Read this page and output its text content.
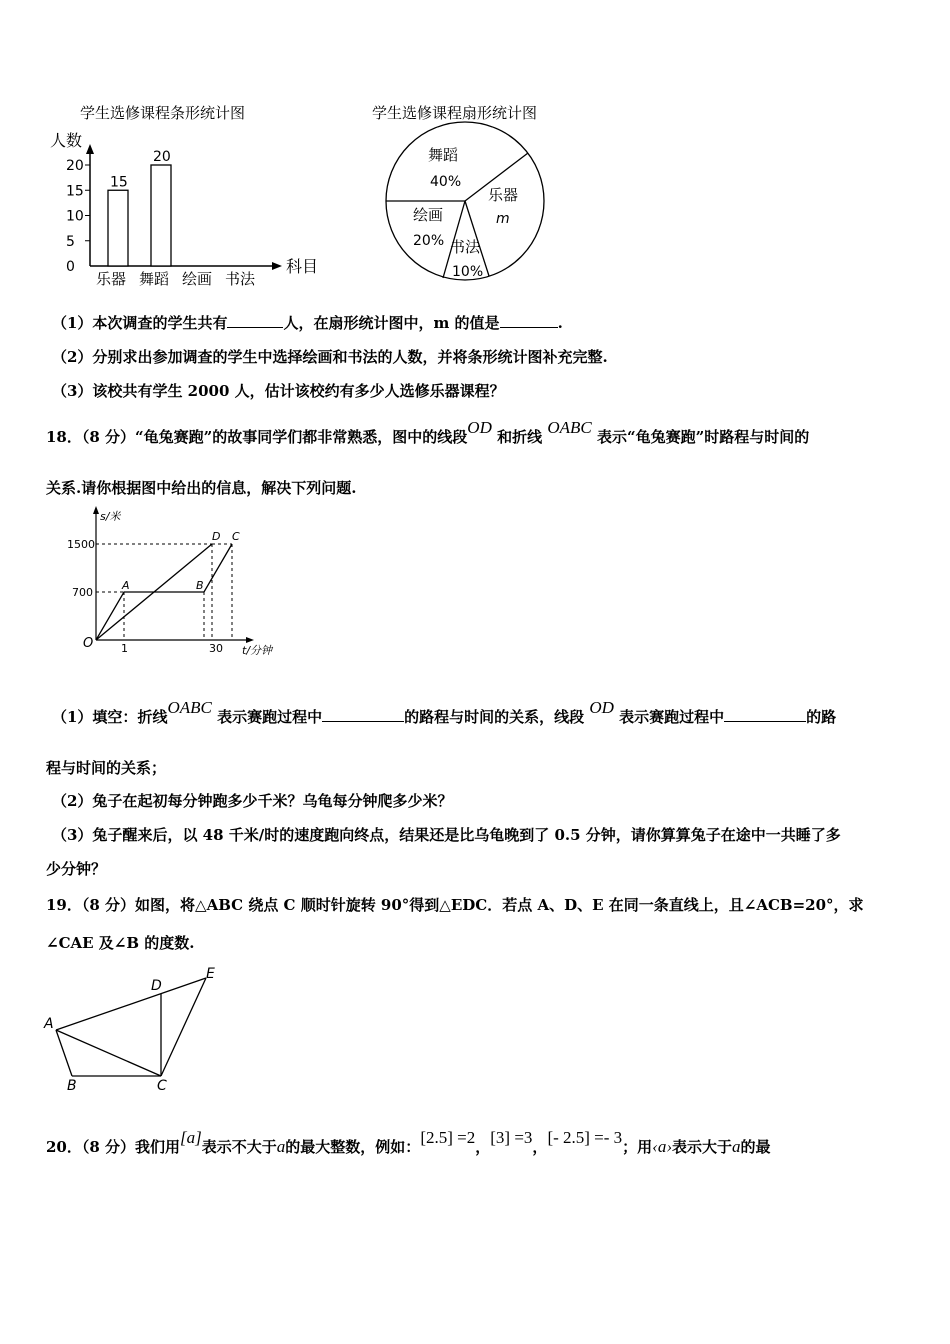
学生选修课程条形统计图
人数
科目
0
5
10
15
20
15
20
乐器 舞蹈 绘画 书法
学生选修课程扇形统计图
舞蹈
40%
乐器
m
书法
10%
绘画
20%
（1）本次调查的学生共有	人，在扇形统计图中，m 的值是	.
（2）分别求出参加调查的学生中选择绘画和书法的人数，并将条形统计图补充完整.
（3）该校共有学生 2000 人，估计该校约有多少人选修乐器课程？
18．（8 分）“龟兔赛跑”的故事同学们都非常熟悉，图中的线段OD 和折线 OABC 表示“龟兔赛跑”时路程与时间的
关系.请你根据图中给出的信息，解决下列问题.
s/米
t/分钟
1500
700
1	30
O
A	B
D C
（1）填空：折线OABC 表示赛跑过程中	的路程与时间的关系，线段 OD 表示赛跑过程中	的路
程与时间的关系；
（2）兔子在起初每分钟跑多少千米？乌龟每分钟爬多少米？
（3）兔子醒来后，以 48 千米/时的速度跑向终点，结果还是比乌龟晚到了 0.5 分钟，请你算算兔子在途中一共睡了多
少分钟？
19．（8 分）如图，将△ABC 绕点 C 顺时针旋转 90°得到△EDC．若点 A、D、E 在同一条直线上，且∠ACB=20°，求
∠CAE 及∠B 的度数.
A
B	C
D
E
20．（8 分）我们用[a]表示不大于a的最大整数，例如：[2.5] =2，[3] =3，[- 2.5] =- 3；用‹a›表示大于a的最
